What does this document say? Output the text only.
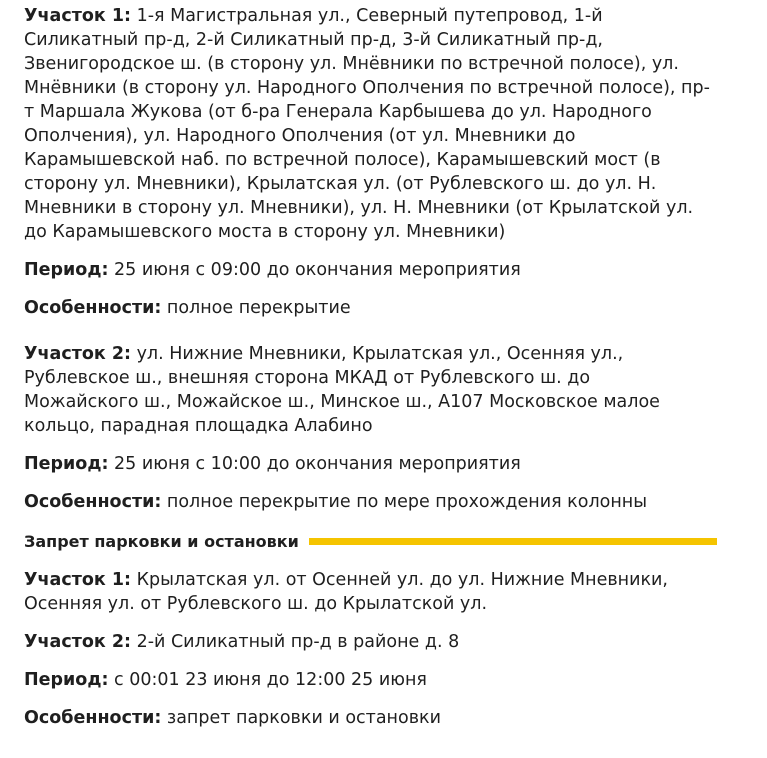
Участок 1: 1-я Магистральная ул., Северный путепровод, 1-й Силикатный пр-д, 2-й Силикатный пр-д, 3-й Силикатный пр-д, Звенигородское ш. (в сторону ул. Мнёвники по встречной полосе), ул. Мнёвники (в сторону ул. Народного Ополчения по встречной полосе), пр-т Маршала Жукова (от б-ра Генерала Карбышева до ул. Народного Ополчения), ул. Народного Ополчения (от ул. Мневники до Карамышевской наб. по встречной полосе), Карамышевский мост (в сторону ул. Мневники), Крылатская ул. (от Рублевского ш. до ул. Н. Мневники в сторону ул. Мневники), ул. Н. Мневники (от Крылатской ул. до Карамышевского моста в сторону ул. Мневники)

Период: 25 июня с 09:00 до окончания мероприятия

Особенности: полное перекрытие

Участок 2: ул. Нижние Мневники, Крылатская ул., Осенняя ул., Рублевское ш., внешняя сторона МКАД от Рублевского ш. до Можайского ш., Можайское ш., Минское ш., А107 Московское малое кольцо, парадная площадка Алабино

Период: 25 июня с 10:00 до окончания мероприятия

Особенности: полное перекрытие по мере прохождения колонны

Запрет парковки и остановки

Участок 1: Крылатская ул. от Осенней ул. до ул. Нижние Мневники, Осенняя ул. от Рублевского ш. до Крылатской ул.

Участок 2: 2-й Силикатный пр-д в районе д. 8

Период: с 00:01 23 июня до 12:00 25 июня

Особенности: запрет парковки и остановки
